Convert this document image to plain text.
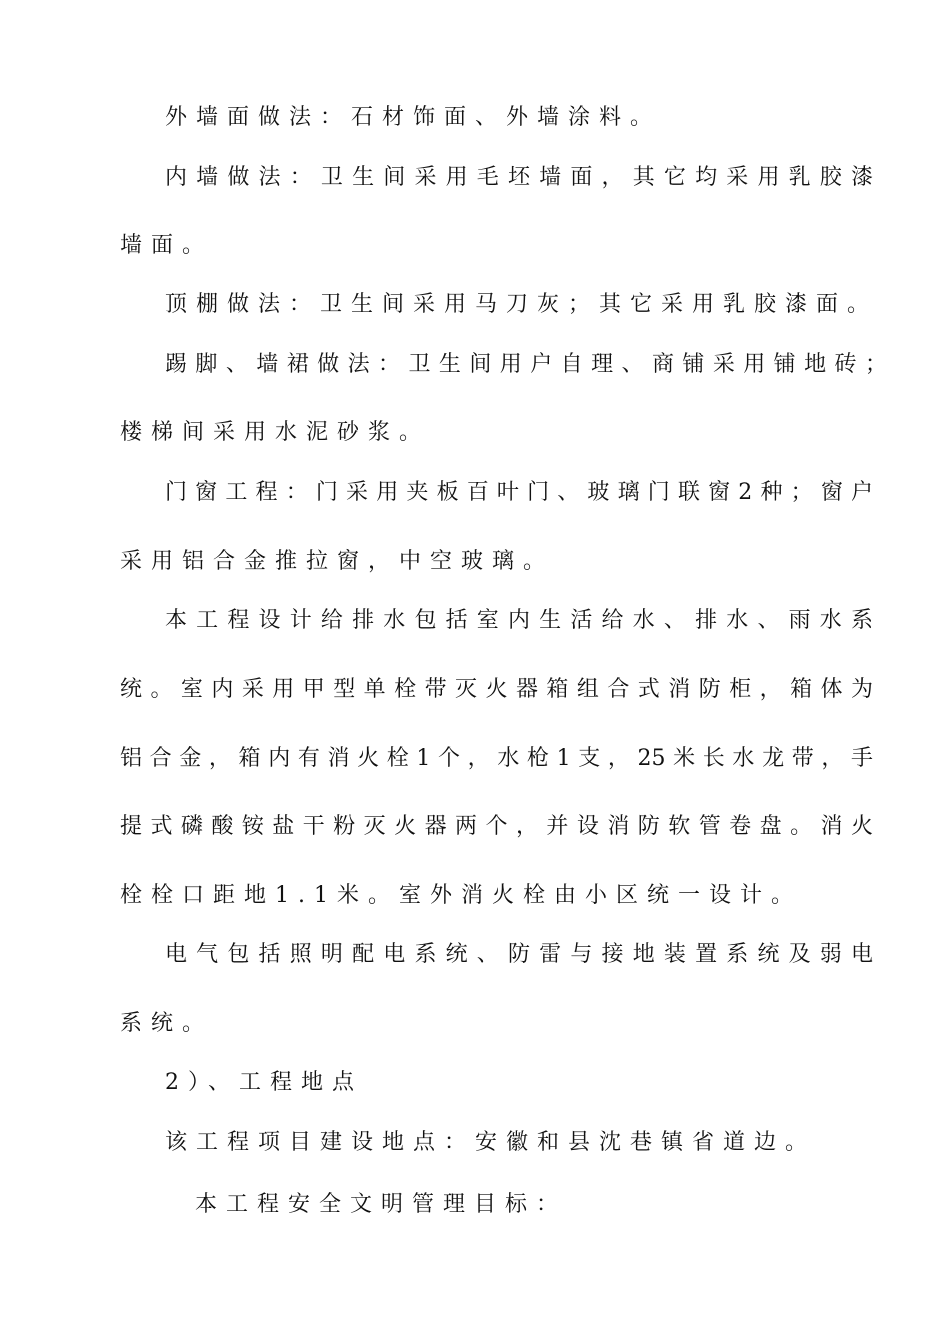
外墙面做法：石材饰面、外墙涂料。
内墙做法：卫生间采用毛坯墙面，其它均采用乳胶漆
墙面。
顶棚做法：卫生间采用马刀灰；其它采用乳胶漆面。
踢脚、墙裙做法：卫生间用户自理、商铺采用铺地砖；
楼梯间采用水泥砂浆。
门窗工程：门采用夹板百叶门、玻璃门联窗2种；窗户
采用铝合金推拉窗，中空玻璃。
本工程设计给排水包括室内生活给水、排水、雨水系
统。室内采用甲型单栓带灭火器箱组合式消防柜，箱体为
铝合金，箱内有消火栓1个，水枪1支，25米长水龙带，手
提式磷酸铵盐干粉灭火器两个，并设消防软管卷盘。消火
栓栓口距地1.1米。室外消火栓由小区统一设计。
电气包括照明配电系统、防雷与接地装置系统及弱电
系统。
2）、工程地点
该工程项目建设地点：安徽和县沈巷镇省道边。
本工程安全文明管理目标：
